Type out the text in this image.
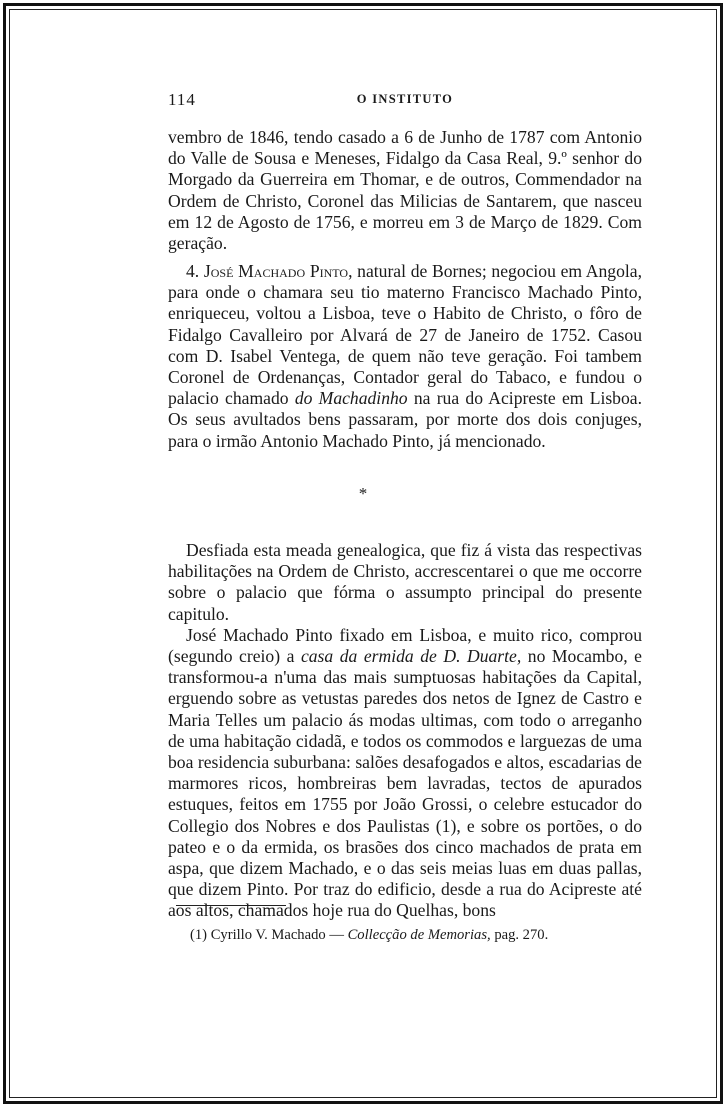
114	O INSTITUTO

vembro de 1846, tendo casado a 6 de Junho de 1787 com Antonio do Valle de Sousa e Meneses, Fidalgo da Casa Real, 9.º senhor do Morgado da Guerreira em Thomar, e de outros, Commendador na Ordem de Christo, Coronel das Milicias de Santarem, que nasceu em 12 de Agosto de 1756, e morreu em 3 de Março de 1829. Com geração.

4. José Machado Pinto, natural de Bornes; negociou em Angola, para onde o chamara seu tio materno Francisco Machado Pinto, enriqueceu, voltou a Lisboa, teve o Habito de Christo, o fôro de Fidalgo Cavalleiro por Alvará de 27 de Janeiro de 1752. Casou com D. Isabel Ventega, de quem não teve geração. Foi tambem Coronel de Ordenanças, Contador geral do Tabaco, e fundou o palacio chamado do Machadinho na rua do Acipreste em Lisboa. Os seus avultados bens passaram, por morte dos dois conjuges, para o irmão Antonio Machado Pinto, já mencionado.

*

Desfiada esta meada genealogica, que fiz á vista das respectivas habilitações na Ordem de Christo, accrescentarei o que me occorre sobre o palacio que fórma o assumpto principal do presente capitulo.

José Machado Pinto fixado em Lisboa, e muito rico, comprou (segundo creio) a casa da ermida de D. Duarte, no Mocambo, e transformou-a n'uma das mais sumptuosas habitações da Capital, erguendo sobre as vetustas paredes dos netos de Ignez de Castro e Maria Telles um palacio ás modas ultimas, com todo o arreganho de uma habitação cidadã, e todos os commodos e larguezas de uma boa residencia suburbana: salões desafogados e altos, escadarias de marmores ricos, hombreiras bem lavradas, tectos de apurados estuques, feitos em 1755 por João Grossi, o celebre estucador do Collegio dos Nobres e dos Paulistas (1), e sobre os portões, o do pateo e o da ermida, os brasões dos cinco machados de prata em aspa, que dizem Machado, e o das seis meias luas em duas pallas, que dizem Pinto. Por traz do edificio, desde a rua do Acipreste até aos altos, chamados hoje rua do Quelhas, bons

(1) Cyrillo V. Machado — Collecção de Memorias, pag. 270.
